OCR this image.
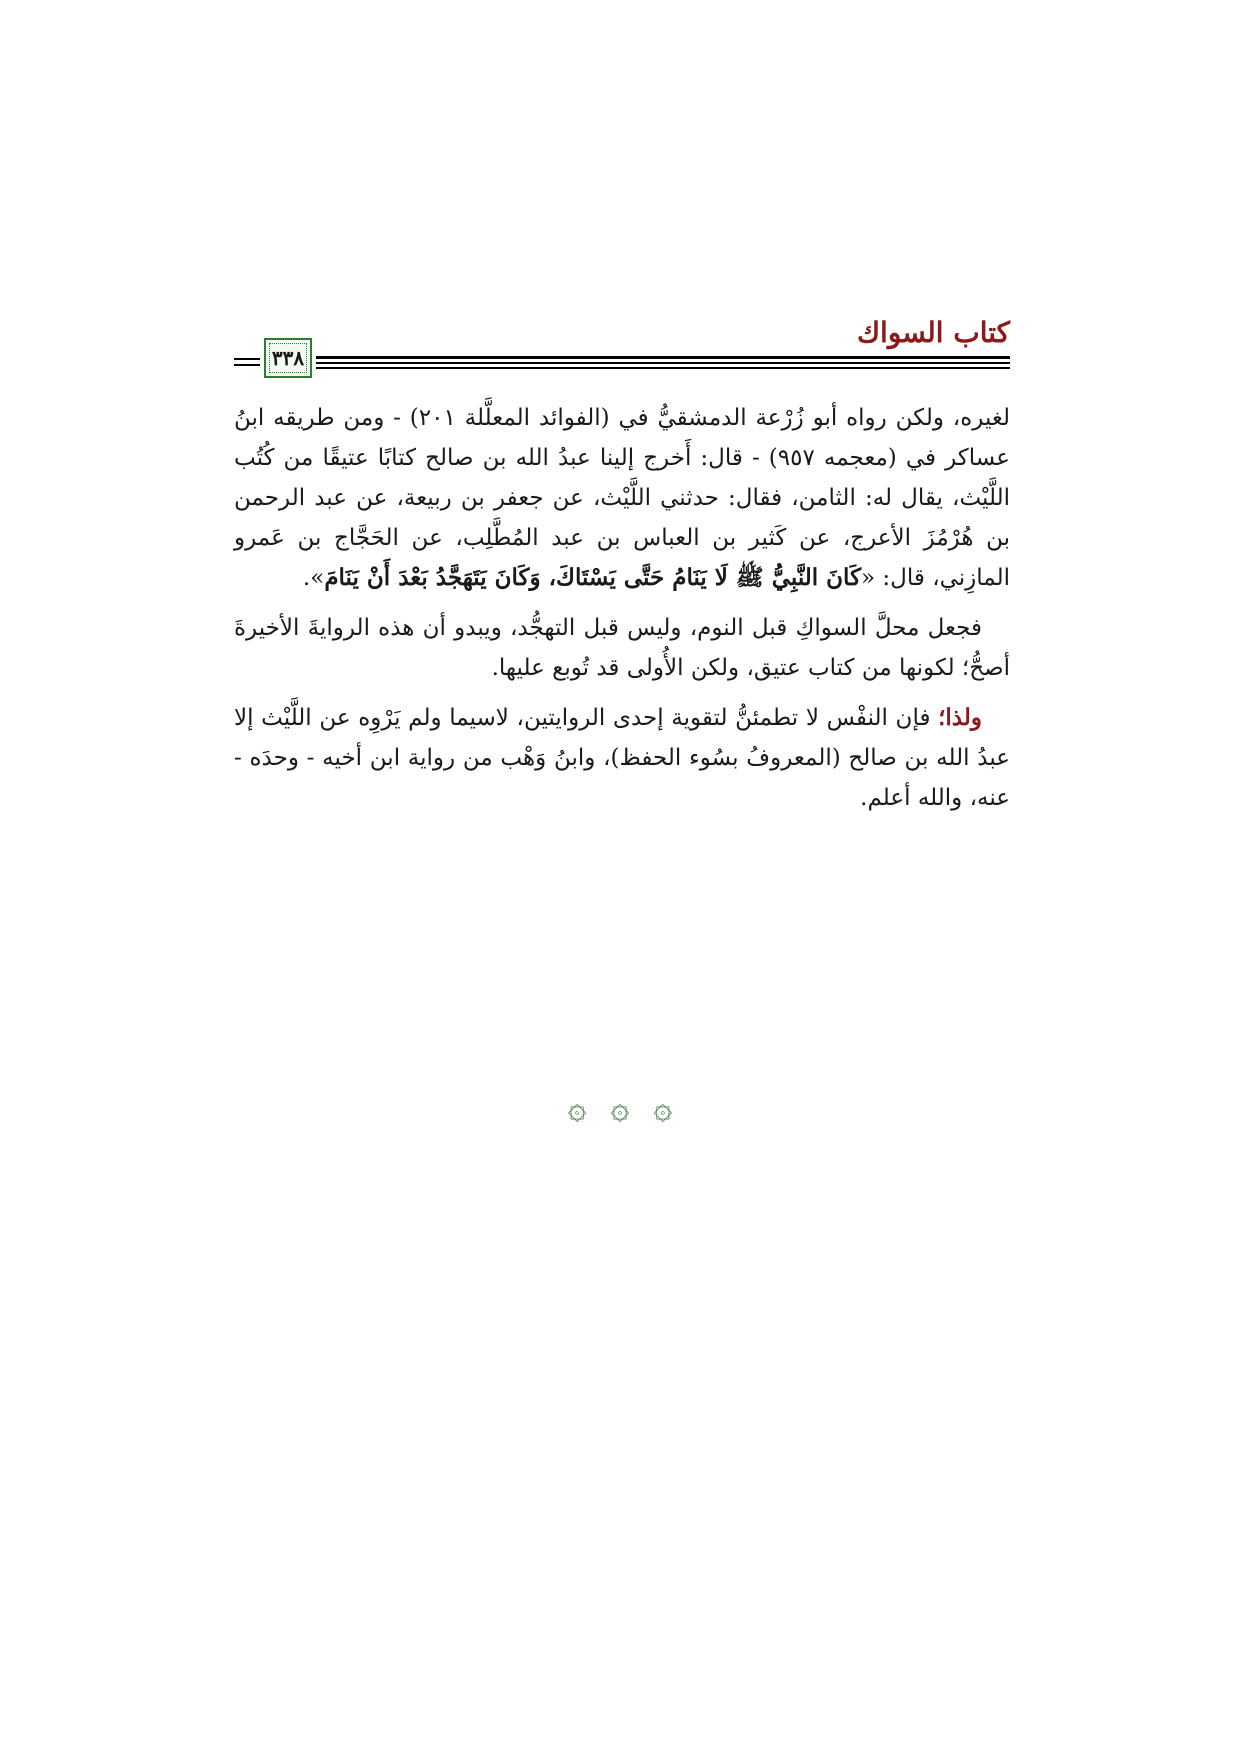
كتاب السواك
٣٣٨

لغيره، ولكن رواه أبو زُرْعة الدمشقيُّ في (الفوائد المعلَّلة ٢٠١) - ومن طريقه ابنُ عساكر في (معجمه ٩٥٧) - قال: أَخرج إلينا عبدُ الله بن صالح كتابًا عتيقًا من كُتُب اللَّيْث، يقال له: الثامن، فقال: حدثني اللَّيْث، عن جعفر بن ربيعة، عن عبد الرحمن بن هُرْمُزَ الأعرج، عن كَثير بن العباس بن عبد المُطَّلِب، عن الحَجَّاج بن عَمرو المازِني، قال: «كَانَ النَّبِيُّ ﷺ لَا يَنَامُ حَتَّى يَسْتَاكَ، وَكَانَ يَتَهَجَّدُ بَعْدَ أَنْ يَنَامَ».

فجعل محلَّ السواكِ قبل النوم، وليس قبل التهجُّد، ويبدو أن هذه الروايةَ الأخيرةَ أصحُّ؛ لكونها من كتاب عتيق، ولكن الأُولى قد تُوبع عليها.

ولذا؛ فإن النفْس لا تطمئنُّ لتقوية إحدى الروايتين، لاسيما ولم يَرْوِه عن اللَّيْث إلا عبدُ الله بن صالح (المعروفُ بسُوء الحفظ)، وابنُ وَهْب من رواية ابن أخيه - وحدَه - عنه، والله أعلم.

۞ ۞ ۞
